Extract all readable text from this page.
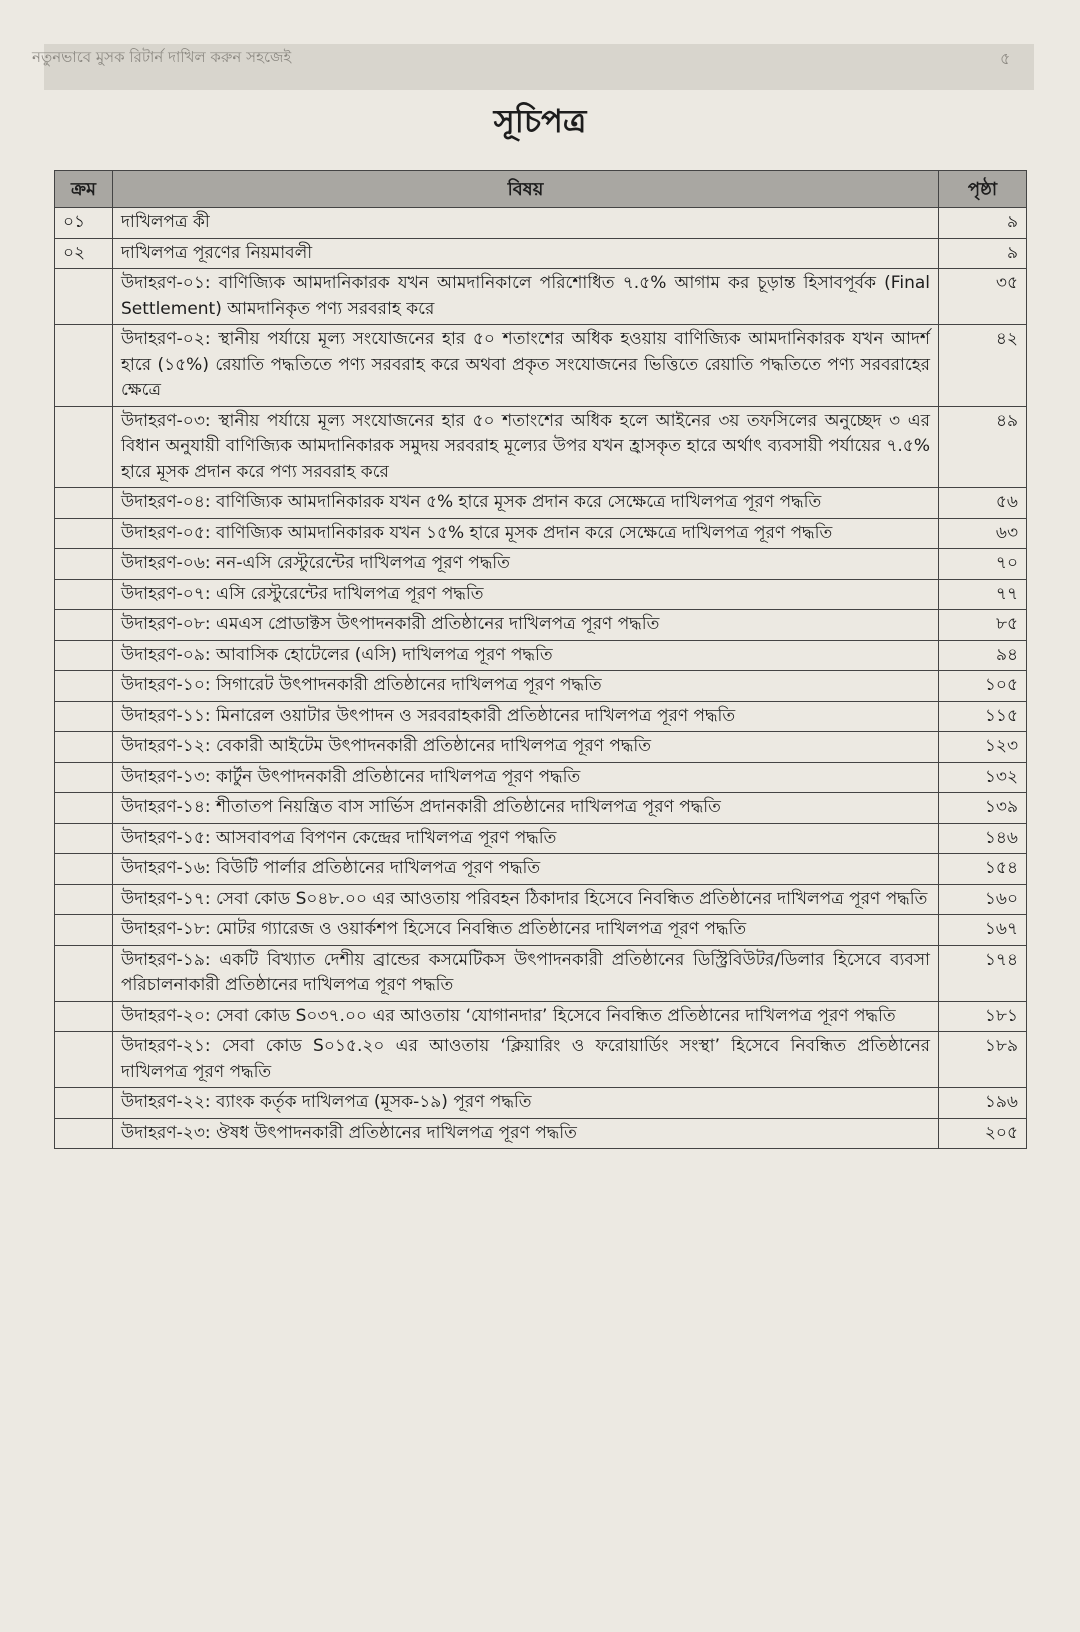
নতুনভাবে মুসক রিটার্ন দাখিল করুন সহজেই	৫
সূচিপত্র
ক্রম	বিষয়	পৃষ্ঠা
০১	দাখিলপত্র কী	৯
০২	দাখিলপত্র পূরণের নিয়মাবলী	৯
	উদাহরণ-০১: বাণিজ্যিক আমদানিকারক যখন আমদানিকালে পরিশোধিত ৭.৫% আগাম কর চূড়ান্ত হিসাবপূর্বক (Final Settlement) আমদানিকৃত পণ্য সরবরাহ করে	৩৫
	উদাহরণ-০২: স্থানীয় পর্যায়ে মূল্য সংযোজনের হার ৫০ শতাংশের অধিক হওয়ায় বাণিজ্যিক আমদানিকারক যখন আদর্শ হারে (১৫%) রেয়াতি পদ্ধতিতে পণ্য সরবরাহ করে অথবা প্রকৃত সংযোজনের ভিত্তিতে রেয়াতি পদ্ধতিতে পণ্য সরবরাহের ক্ষেত্রে	৪২
	উদাহরণ-০৩: স্থানীয় পর্যায়ে মূল্য সংযোজনের হার ৫০ শতাংশের অধিক হলে আইনের ৩য় তফসিলের অনুচ্ছেদ ৩ এর বিধান অনুযায়ী বাণিজ্যিক আমদানিকারক সমুদয় সরবরাহ মূল্যের উপর যখন হ্রাসকৃত হারে অর্থাৎ ব্যবসায়ী পর্যায়ের ৭.৫% হারে মূসক প্রদান করে পণ্য সরবরাহ করে	৪৯
	উদাহরণ-০৪: বাণিজ্যিক আমদানিকারক যখন ৫% হারে মূসক প্রদান করে সেক্ষেত্রে দাখিলপত্র পূরণ পদ্ধতি	৫৬
	উদাহরণ-০৫: বাণিজ্যিক আমদানিকারক যখন ১৫% হারে মূসক প্রদান করে সেক্ষেত্রে দাখিলপত্র পূরণ পদ্ধতি	৬৩
	উদাহরণ-০৬: নন-এসি রেস্টুরেন্টের দাখিলপত্র পূরণ পদ্ধতি	৭০
	উদাহরণ-০৭: এসি রেস্টুরেন্টের দাখিলপত্র পূরণ পদ্ধতি	৭৭
	উদাহরণ-০৮: এমএস প্রোডাক্টস উৎপাদনকারী প্রতিষ্ঠানের দাখিলপত্র পূরণ পদ্ধতি	৮৫
	উদাহরণ-০৯: আবাসিক হোটেলের (এসি) দাখিলপত্র পূরণ পদ্ধতি	৯৪
	উদাহরণ-১০: সিগারেট উৎপাদনকারী প্রতিষ্ঠানের দাখিলপত্র পূরণ পদ্ধতি	১০৫
	উদাহরণ-১১: মিনারেল ওয়াটার উৎপাদন ও সরবরাহকারী প্রতিষ্ঠানের দাখিলপত্র পূরণ পদ্ধতি	১১৫
	উদাহরণ-১২: বেকারী আইটেম উৎপাদনকারী প্রতিষ্ঠানের দাখিলপত্র পূরণ পদ্ধতি	১২৩
	উদাহরণ-১৩: কার্টুন উৎপাদনকারী প্রতিষ্ঠানের দাখিলপত্র পূরণ পদ্ধতি	১৩২
	উদাহরণ-১৪: শীতাতপ নিয়ন্ত্রিত বাস সার্ভিস প্রদানকারী প্রতিষ্ঠানের দাখিলপত্র পূরণ পদ্ধতি	১৩৯
	উদাহরণ-১৫: আসবাবপত্র বিপণন কেন্দ্রের দাখিলপত্র পূরণ পদ্ধতি	১৪৬
	উদাহরণ-১৬: বিউটি পার্লার প্রতিষ্ঠানের দাখিলপত্র পূরণ পদ্ধতি	১৫৪
	উদাহরণ-১৭: সেবা কোড S০৪৮.০০ এর আওতায় পরিবহন ঠিকাদার হিসেবে নিবন্ধিত প্রতিষ্ঠানের দাখিলপত্র পূরণ পদ্ধতি	১৬০
	উদাহরণ-১৮: মোটর গ্যারেজ ও ওয়ার্কশপ হিসেবে নিবন্ধিত প্রতিষ্ঠানের দাখিলপত্র পূরণ পদ্ধতি	১৬৭
	উদাহরণ-১৯: একটি বিখ্যাত দেশীয় ব্রান্ডের কসমেটিকস উৎপাদনকারী প্রতিষ্ঠানের ডিস্ট্রিবিউটর/ডিলার হিসেবে ব্যবসা পরিচালনাকারী প্রতিষ্ঠানের দাখিলপত্র পূরণ পদ্ধতি	১৭৪
	উদাহরণ-২০: সেবা কোড S০৩৭.০০ এর আওতায় ‘যোগানদার’ হিসেবে নিবন্ধিত প্রতিষ্ঠানের দাখিলপত্র পূরণ পদ্ধতি	১৮১
	উদাহরণ-২১: সেবা কোড S০১৫.২০ এর আওতায় ‘ক্লিয়ারিং ও ফরোয়ার্ডিং সংস্থা’ হিসেবে নিবন্ধিত প্রতিষ্ঠানের দাখিলপত্র পূরণ পদ্ধতি	১৮৯
	উদাহরণ-২২: ব্যাংক কর্তৃক দাখিলপত্র (মূসক-১৯) পূরণ পদ্ধতি	১৯৬
	উদাহরণ-২৩: ঔষধ উৎপাদনকারী প্রতিষ্ঠানের দাখিলপত্র পূরণ পদ্ধতি	২০৫
